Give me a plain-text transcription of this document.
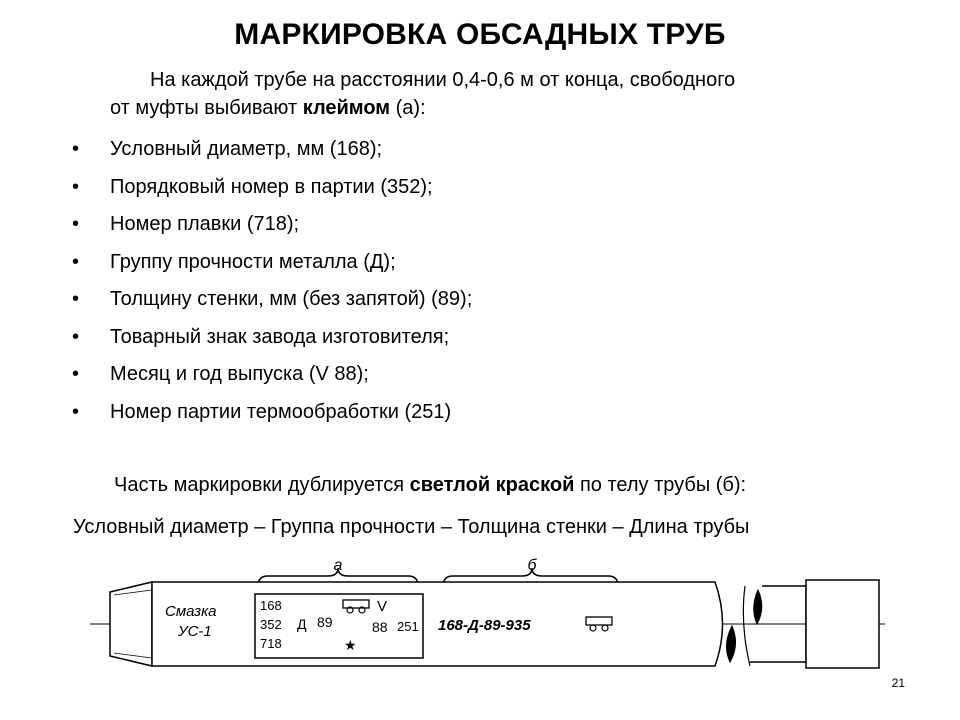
МАРКИРОВКА ОБСАДНЫХ ТРУБ
На каждой трубе на расстоянии 0,4-0,6 м от конца, свободного
от муфты выбивают клеймом (а):
• Условный диаметр, мм (168);
• Порядковый номер в партии (352);
• Номер плавки (718);
• Группу прочности металла (Д);
• Толщину стенки, мм (без запятой) (89);
• Товарный знак завода изготовителя;
• Месяц и год выпуска (V 88);
• Номер партии термообработки (251)
Часть маркировки дублируется светлой краской по телу трубы (б):
Условный диаметр – Группа прочности – Толщина стенки – Длина трубы
а	б
Смазка
УС-1
168
352
718
Д 89
V
88 251
★
168-Д-89-935
21
